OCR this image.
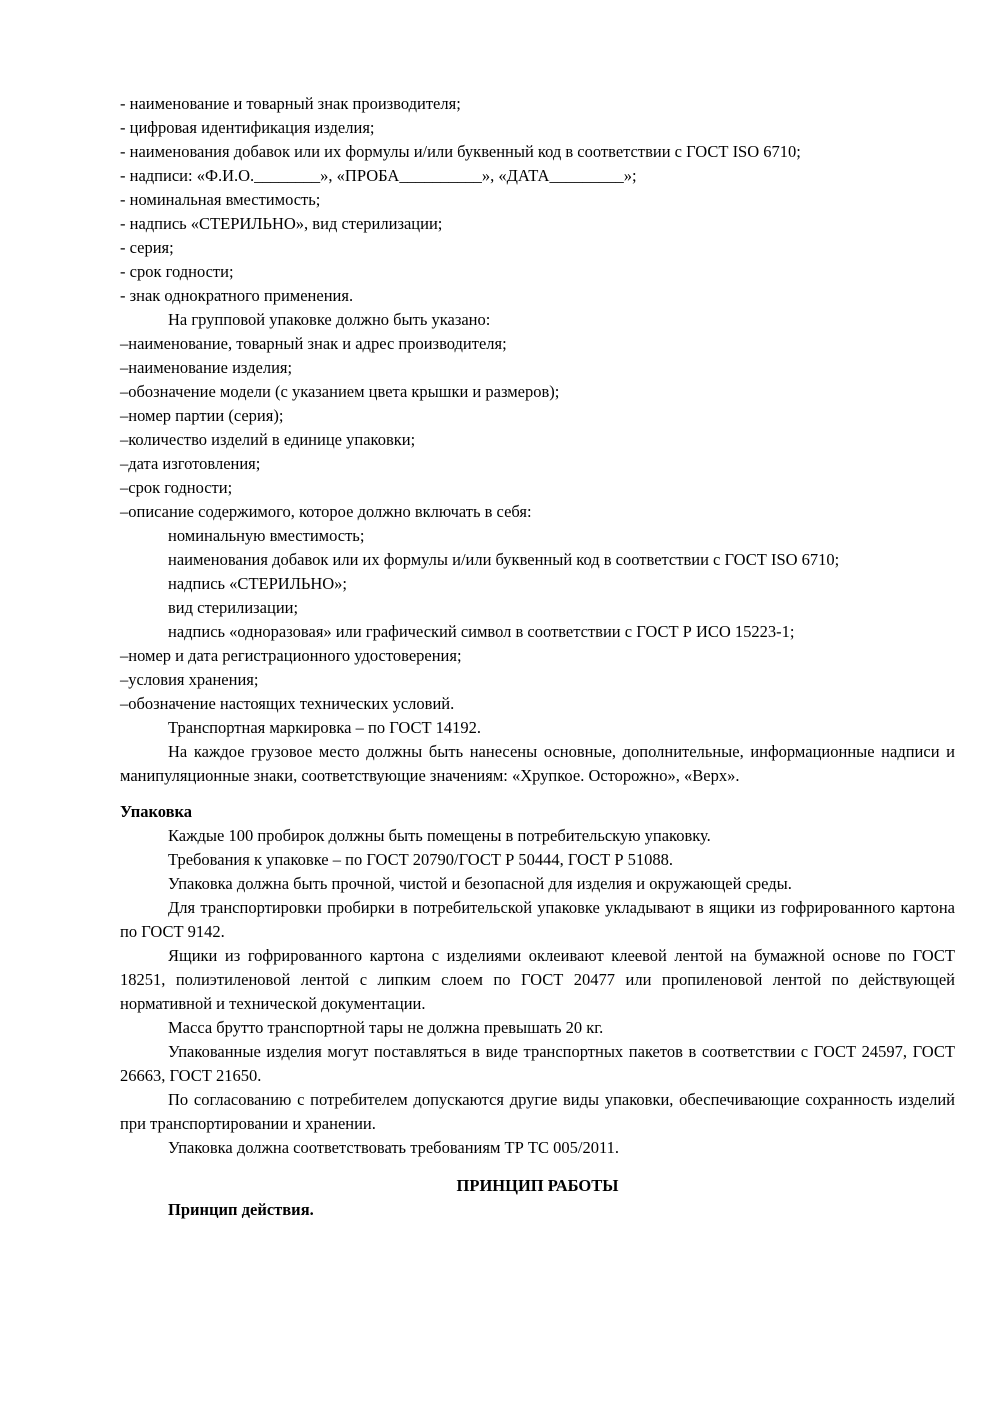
- наименование и товарный знак производителя;

- цифровая идентификация изделия;

- наименования добавок или их формулы и/или буквенный код в соответствии с ГОСТ ISO 6710;

- надписи: «Ф.И.О.________», «ПРОБА__________», «ДАТА_________»;

- номинальная вместимость;

- надпись «СТЕРИЛЬНО», вид стерилизации;

- серия;

- срок годности;

- знак однократного применения.

На групповой упаковке должно быть указано:

–наименование, товарный знак и адрес производителя;

–наименование изделия;

–обозначение модели (с указанием цвета крышки и размеров);

–номер партии (серия);

–количество изделий в единице упаковки;

–дата изготовления;

–срок годности;

–описание содержимого, которое должно включать в себя:

номинальную вместимость;

наименования добавок или их формулы и/или буквенный код в соответствии с ГОСТ ISO 6710;

надпись «СТЕРИЛЬНО»;

вид стерилизации;

надпись «одноразовая» или графический символ в соответствии с ГОСТ Р ИСО 15223-1;

–номер и дата регистрационного удостоверения;

–условия хранения;

–обозначение настоящих технических условий.

Транспортная маркировка – по ГОСТ 14192.

На каждое грузовое место должны быть нанесены основные, дополнительные, информационные надписи и манипуляционные знаки, соответствующие значениям: «Хрупкое. Осторожно», «Верх».

Упаковка

Каждые 100 пробирок должны быть помещены в потребительскую упаковку.

Требования к упаковке – по ГОСТ 20790/ГОСТ Р 50444, ГОСТ Р 51088.

Упаковка должна быть прочной, чистой и безопасной для изделия и окружающей среды.

Для транспортировки пробирки в потребительской упаковке укладывают в ящики из гофрированного картона по ГОСТ 9142.

Ящики из гофрированного картона с изделиями оклеивают клеевой лентой на бумажной основе по ГОСТ 18251, полиэтиленовой лентой с липким слоем по ГОСТ 20477 или пропиленовой лентой по действующей нормативной и технической документации.

Масса брутто транспортной тары не должна превышать 20 кг.

Упакованные изделия могут поставляться в виде транспортных пакетов в соответствии с ГОСТ 24597, ГОСТ 26663, ГОСТ 21650.

По согласованию с потребителем допускаются другие виды упаковки, обеспечивающие сохранность изделий при транспортировании и хранении.

Упаковка должна соответствовать требованиям ТР ТС 005/2011.

ПРИНЦИП РАБОТЫ

Принцип действия.
